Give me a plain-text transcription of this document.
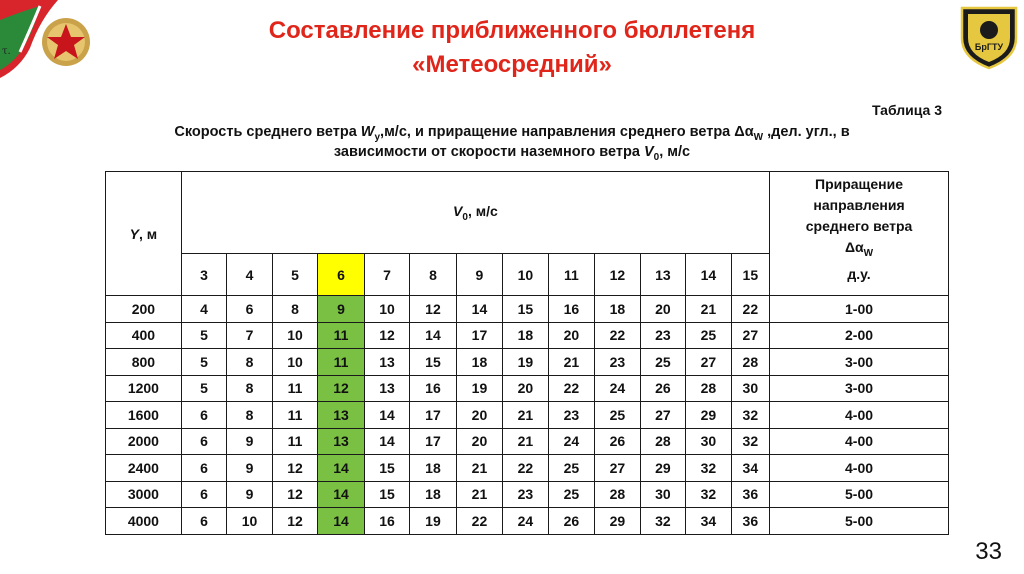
τ.	БрГТУ
Составление приближенного бюллетеня
«Метеосредний»
Таблица 3
Скорость среднего ветра $W_y,м/с$, и приращение направления среднего ветра $\Delta\alpha_W$ ,дел. угл., в
зависимости от скорости наземного ветра $V_0$, м/с
Y, м	$V_0$, м/с													Приращение
направления
среднего ветра
$\Delta\alpha_W$
д.у.
	3	4	5	6	7	8	9	10	11	12	13	14	15	
200	4	6	8	9	10	12	14	15	16	18	20	21	22	1-00
400	5	7	10	11	12	14	17	18	20	22	23	25	27	2-00
800	5	8	10	11	13	15	18	19	21	23	25	27	28	3-00
1200	5	8	11	12	13	16	19	20	22	24	26	28	30	3-00
1600	6	8	11	13	14	17	20	21	23	25	27	29	32	4-00
2000	6	9	11	13	14	17	20	21	24	26	28	30	32	4-00
2400	6	9	12	14	15	18	21	22	25	27	29	32	34	4-00
3000	6	9	12	14	15	18	21	23	25	28	30	32	36	5-00
4000	6	10	12	14	16	19	22	24	26	29	32	34	36	5-00
33
